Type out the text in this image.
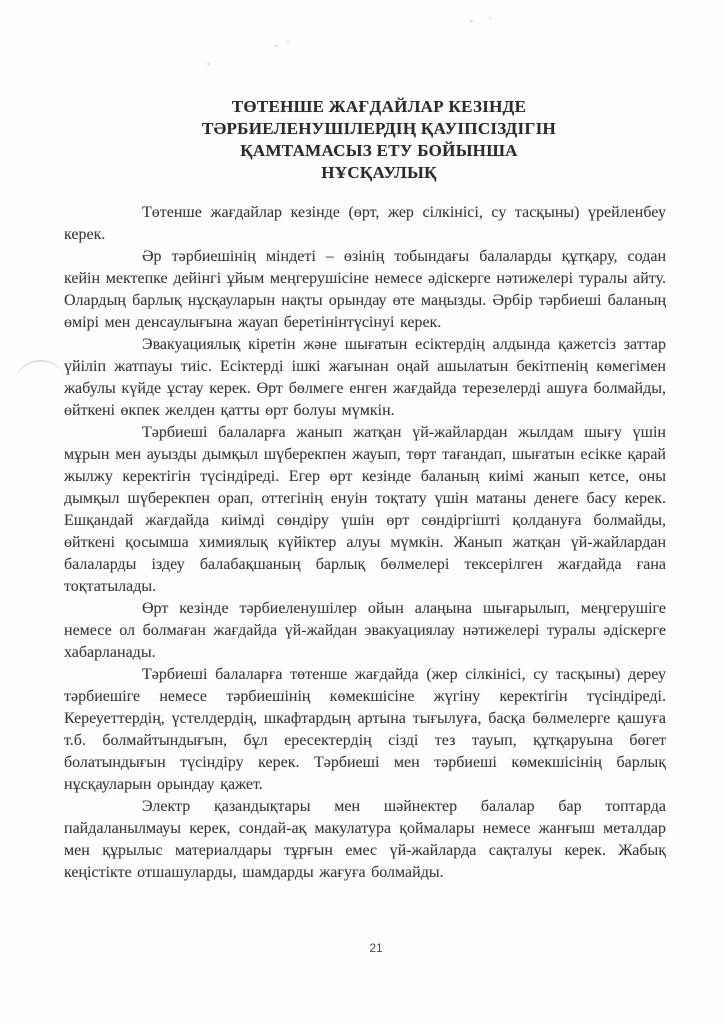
ТӨТЕНШЕ ЖАҒДАЙЛАР КЕЗІНДЕ
ТӘРБИЕЛЕНУШІЛЕРДІҢ ҚАУІПСІЗДІГІН
ҚАМТАМАСЫЗ ЕТУ БОЙЫНША
НҰСҚАУЛЫҚ

Төтенше жағдайлар кезінде (өрт, жер сілкінісі, су тасқыны) үрейленбеу керек.

Әр тәрбиешінің міндеті – өзінің тобындағы балаларды құтқару, содан кейін мектепке дейінгі ұйым меңгерушісіне немесе әдіскерге нәтижелері туралы айту. Олардың барлық нұсқауларын нақты орындау өте маңызды. Әрбір тәрбиеші баланың өмірі мен денсаулығына жауап беретінінтүсінуі керек.

Эвакуациялық кіретін және шығатын есіктердің алдында қажетсіз заттар үйіліп жатпауы тиіс. Есіктерді ішкі жағынан оңай ашылатын бекітпенің көмегімен жабулы күйде ұстау керек. Өрт бөлмеге енген жағдайда терезелерді ашуға болмайды, өйткені өкпек желден қатты өрт болуы мүмкін.

Тәрбиеші балаларға жанып жатқан үй-жайлардан жылдам шығу үшін мұрын мен ауызды дымқыл шүберекпен жауып, төрт тағандап, шығатын есікке қарай жылжу керектігін түсіндіреді. Егер өрт кезінде баланың киімі жанып кетсе, оны дымқыл шүберекпен орап, оттегінің енуін тоқтату үшін матаны денеге басу керек. Ешқандай жағдайда киімді сөндіру үшін өрт сөндіргішті қолдануға болмайды, өйткені қосымша химиялық күйіктер алуы мүмкін. Жанып жатқан үй-жайлардан балаларды іздеу балабақшаның барлық бөлмелері тексерілген жағдайда ғана тоқтатылады.

Өрт кезінде тәрбиеленушілер ойын алаңына шығарылып, меңгерушіге немесе ол болмаған жағдайда үй-жайдан эвакуациялау нәтижелері туралы әдіскерге хабарланады.

Тәрбиеші балаларға төтенше жағдайда (жер сілкінісі, су тасқыны) дереу тәрбиешіге немесе тәрбиешінің көмекшісіне жүгіну керектігін түсіндіреді. Кереуеттердің, үстелдердің, шкафтардың артына тығылуға, басқа бөлмелерге қашуға т.б. болмайтындығын, бұл ересектердің сізді тез тауып, құтқаруына бөгет болатындығын түсіндіру керек. Тәрбиеші мен тәрбиеші көмекшісінің барлық нұсқауларын орындау қажет.

Электр қазандықтары мен шәйнектер балалар бар топтарда пайдаланылмауы керек, сондай-ақ макулатура қоймалары немесе жанғыш металдар мен құрылыс материалдары тұрғын емес үй-жайларда сақталуы керек. Жабық кеңістікте отшашуларды, шамдарды жағуға болмайды.

21
